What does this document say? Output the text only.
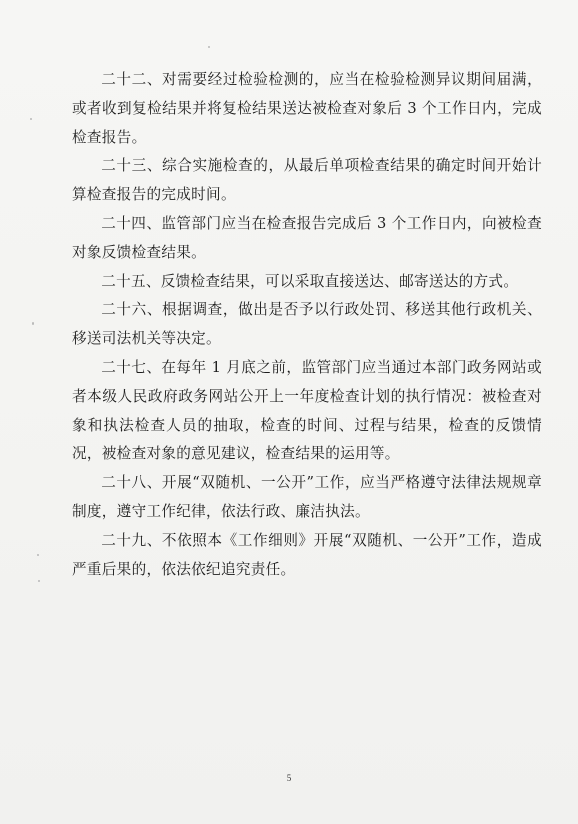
二十二、对需要经过检验检测的，应当在检验检测异议期间届满，或者收到复检结果并将复检结果送达被检查对象后 3 个工作日内，完成检查报告。

二十三、综合实施检查的，从最后单项检查结果的确定时间开始计算检查报告的完成时间。

二十四、监管部门应当在检查报告完成后 3 个工作日内，向被检查对象反馈检查结果。

二十五、反馈检查结果，可以采取直接送达、邮寄送达的方式。

二十六、根据调查，做出是否予以行政处罚、移送其他行政机关、移送司法机关等决定。

二十七、在每年 1 月底之前，监管部门应当通过本部门政务网站或者本级人民政府政务网站公开上一年度检查计划的执行情况：被检查对象和执法检查人员的抽取，检查的时间、过程与结果，检查的反馈情况，被检查对象的意见建议，检查结果的运用等。

二十八、开展“双随机、一公开”工作，应当严格遵守法律法规规章制度，遵守工作纪律，依法行政、廉洁执法。

二十九、不依照本《工作细则》开展“双随机、一公开”工作，造成严重后果的，依法依纪追究责任。

5
